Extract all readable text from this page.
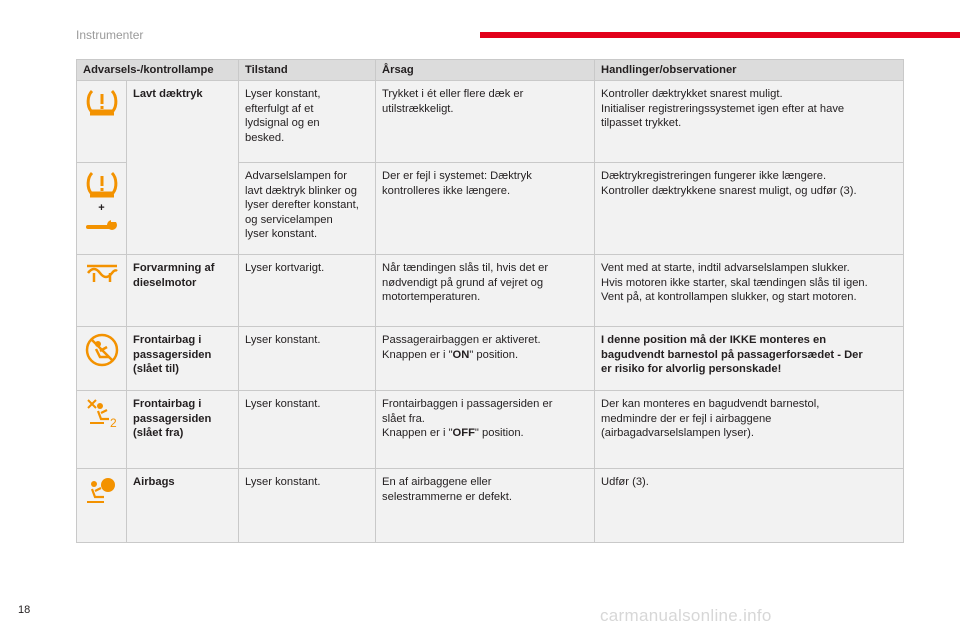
Instrumenter
Advarsels-/kontrollampe		Tilstand	Årsag	Handlinger/observationer

	Lavt dæktryk	Lyser konstant,
efterfulgt af et
lydsignal og en
besked.	Trykket i ét eller flere dæk er
utilstrækkeligt.	Kontroller dæktrykket snarest muligt.
Initialiser registreringssystemet igen efter at have
tilpasset trykket.

+		Advarselslampen for
lavt dæktryk blinker og
lyser derefter konstant,
og servicelampen
lyser konstant.	Der er fejl i systemet: Dæktryk
kontrolleres ikke længere.	Dæktrykregistreringen fungerer ikke længere.
Kontroller dæktrykkene snarest muligt, og udfør (3).

Forvarmning af
dieselmotor	Lyser kortvarigt.	Når tændingen slås til, hvis det er
nødvendigt på grund af vejret og
motortemperaturen.	Vent med at starte, indtil advarselslampen slukker.
Hvis motoren ikke starter, skal tændingen slås til igen.
Vent på, at kontrollampen slukker, og start motoren.

Frontairbag i
passagersiden
(slået til)	Lyser konstant.	Passagerairbaggen er aktiveret.
Knappen er i "ON" position.	I denne position må der IKKE monteres en
bagudvendt barnestol på passagerforsædet - Der
er risiko for alvorlig personskade!

2	Frontairbag i
passagersiden
(slået fra)	Lyser konstant.	Frontairbaggen i passagersiden er
slået fra.
Knappen er i "OFF" position.	Der kan monteres en bagudvendt barnestol,
medmindre der er fejl i airbaggene
(airbagadvarselslampen lyser).

	Airbags	Lyser konstant.	En af airbaggene eller
selestrammerne er defekt.	Udfør (3).
18	carmanualsonline.info
